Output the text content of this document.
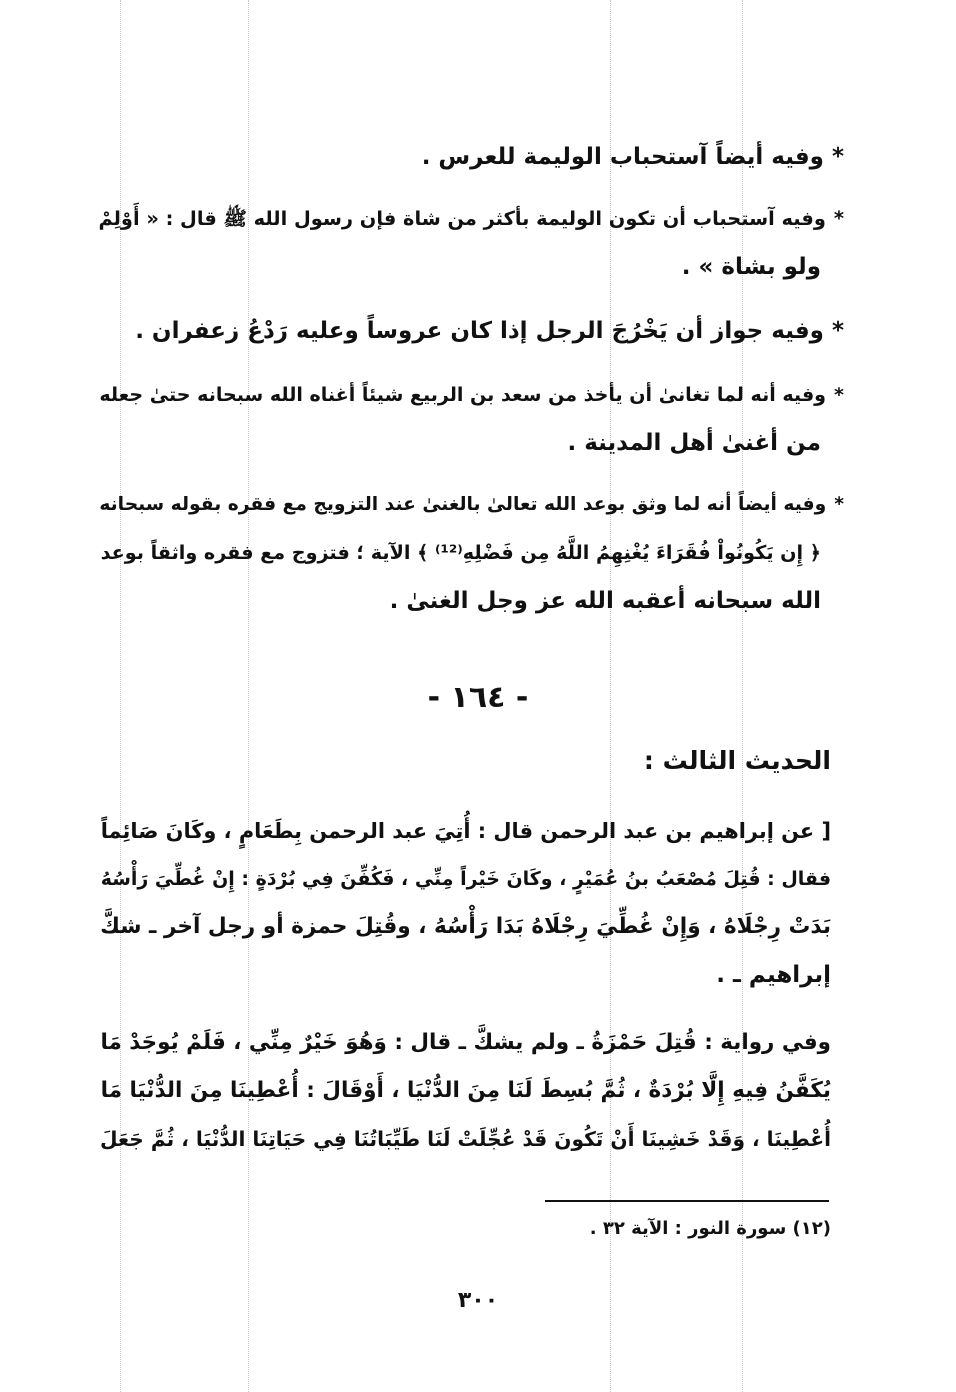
*وفيه أيضاً آستحباب الوليمة للعرس .
*وفيه آستحباب أن تكون الوليمة بأكثر من شاة فإن رسول الله ﷺ قال : « أَوْلِمْ
ولو بشاة » .
*وفيه جواز أن يَخْرُجَ الرجل إذا كان عروساً وعليه رَدْعُ زعفران .
*وفيه أنه لما تغانىٰ أن يأخذ من سعد بن الربيع شيئاً أغناه الله سبحانه حتىٰ جعله
من أغنىٰ أهل المدينة .
*وفيه أيضاً أنه لما وثق بوعد الله تعالىٰ بالغنىٰ عند التزويج مع فقره بقوله سبحانه
﴿ إِن يَكُونُواْ فُقَرَاءَ يُغْنِهِمُ اللَّهُ مِن فَضْلِهِ⁽¹²⁾ ﴾ الآية ؛ فتزوج مع فقره واثقاً بوعد
الله سبحانه أعقبه الله عز وجل الغنىٰ .
- ١٦٤ -
الحديث الثالث :
[ عن إبراهيم بن عبد الرحمن قال : أُتِيَ عبد الرحمن بِطَعَامٍ ، وكَانَ صَائِماً
فقال : قُتِلَ مُصْعَبُ بنُ عُمَيْرٍ ، وكَانَ خَيْراً مِنِّي ، فَكُفِّنَ فِي بُرْدَةٍ : إِنْ غُطِّيَ رَأْسُهُ
بَدَتْ رِجْلَاهُ ، وَإِنْ غُطِّيَ رِجْلَاهُ بَدَا رَأْسُهُ ، وقُتِلَ حمزة أو رجل آخر ـ شكَّ
إبراهيم ـ .
وفي رواية : قُتِلَ حَمْزَةُ ـ ولم يشكَّ ـ قال : وَهُوَ خَيْرٌ مِنِّي ، فَلَمْ يُوجَدْ مَا
يُكَفَّنُ فِيهِ إِلَّا بُرْدَةٌ ، ثُمَّ بُسِطَ لَنَا مِنَ الدُّنْيَا ، أَوْقَالَ : أُعْطِينَا مِنَ الدُّنْيَا مَا
أُعْطِينَا ، وَقَدْ خَشِينَا أَنْ تَكُونَ قَدْ عُجِّلَتْ لَنَا طَيِّبَاتُنَا فِي حَيَاتِنَا الدُّنْيَا ، ثُمَّ جَعَلَ
(١٢) سورة النور : الآية ٣٢ .
٣٠٠
